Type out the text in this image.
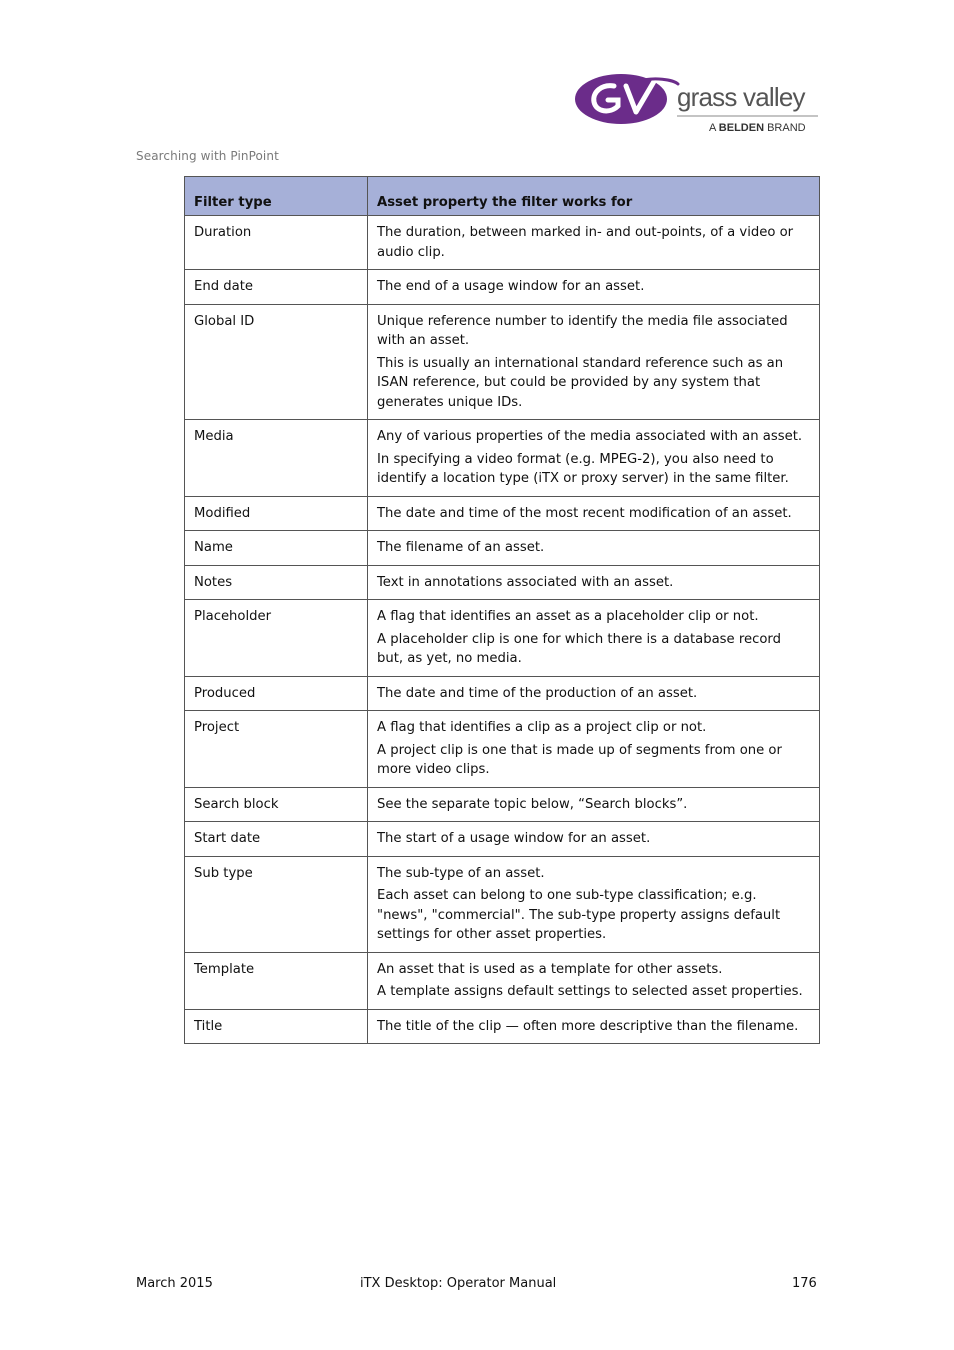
grass valley
A BELDEN BRAND
Searching with PinPoint
Filter type	Asset property the filter works for
Duration	The duration, between marked in- and out-points, of a video or audio clip.

End date	The end of a usage window for an asset.

Global ID	Unique reference number to identify the media file associated with an asset.

This is usually an international standard reference such as an ISAN reference, but could be provided by any system that generates unique IDs.

Media	Any of various properties of the media associated with an asset.

In specifying a video format (e.g. MPEG-2), you also need to identify a location type (iTX or proxy server) in the same filter.

Modified	The date and time of the most recent modification of an asset.

Name	The filename of an asset.

Notes	Text in annotations associated with an asset.

Placeholder	A flag that identifies an asset as a placeholder clip or not.

A placeholder clip is one for which there is a database record but, as yet, no media.

Produced	The date and time of the production of an asset.

Project	A flag that identifies a clip as a project clip or not.

A project clip is one that is made up of segments from one or more video clips.

Search block	See the separate topic below, “Search blocks”.

Start date	The start of a usage window for an asset.

Sub type	The sub-type of an asset.

Each asset can belong to one sub-type classification; e.g. "news", "commercial". The sub-type property assigns default settings for other asset properties.

Template	An asset that is used as a template for other assets.

A template assigns default settings to selected asset properties.

Title	The title of the clip — often more descriptive than the filename.

March 2015	iTX Desktop: Operator Manual	176
